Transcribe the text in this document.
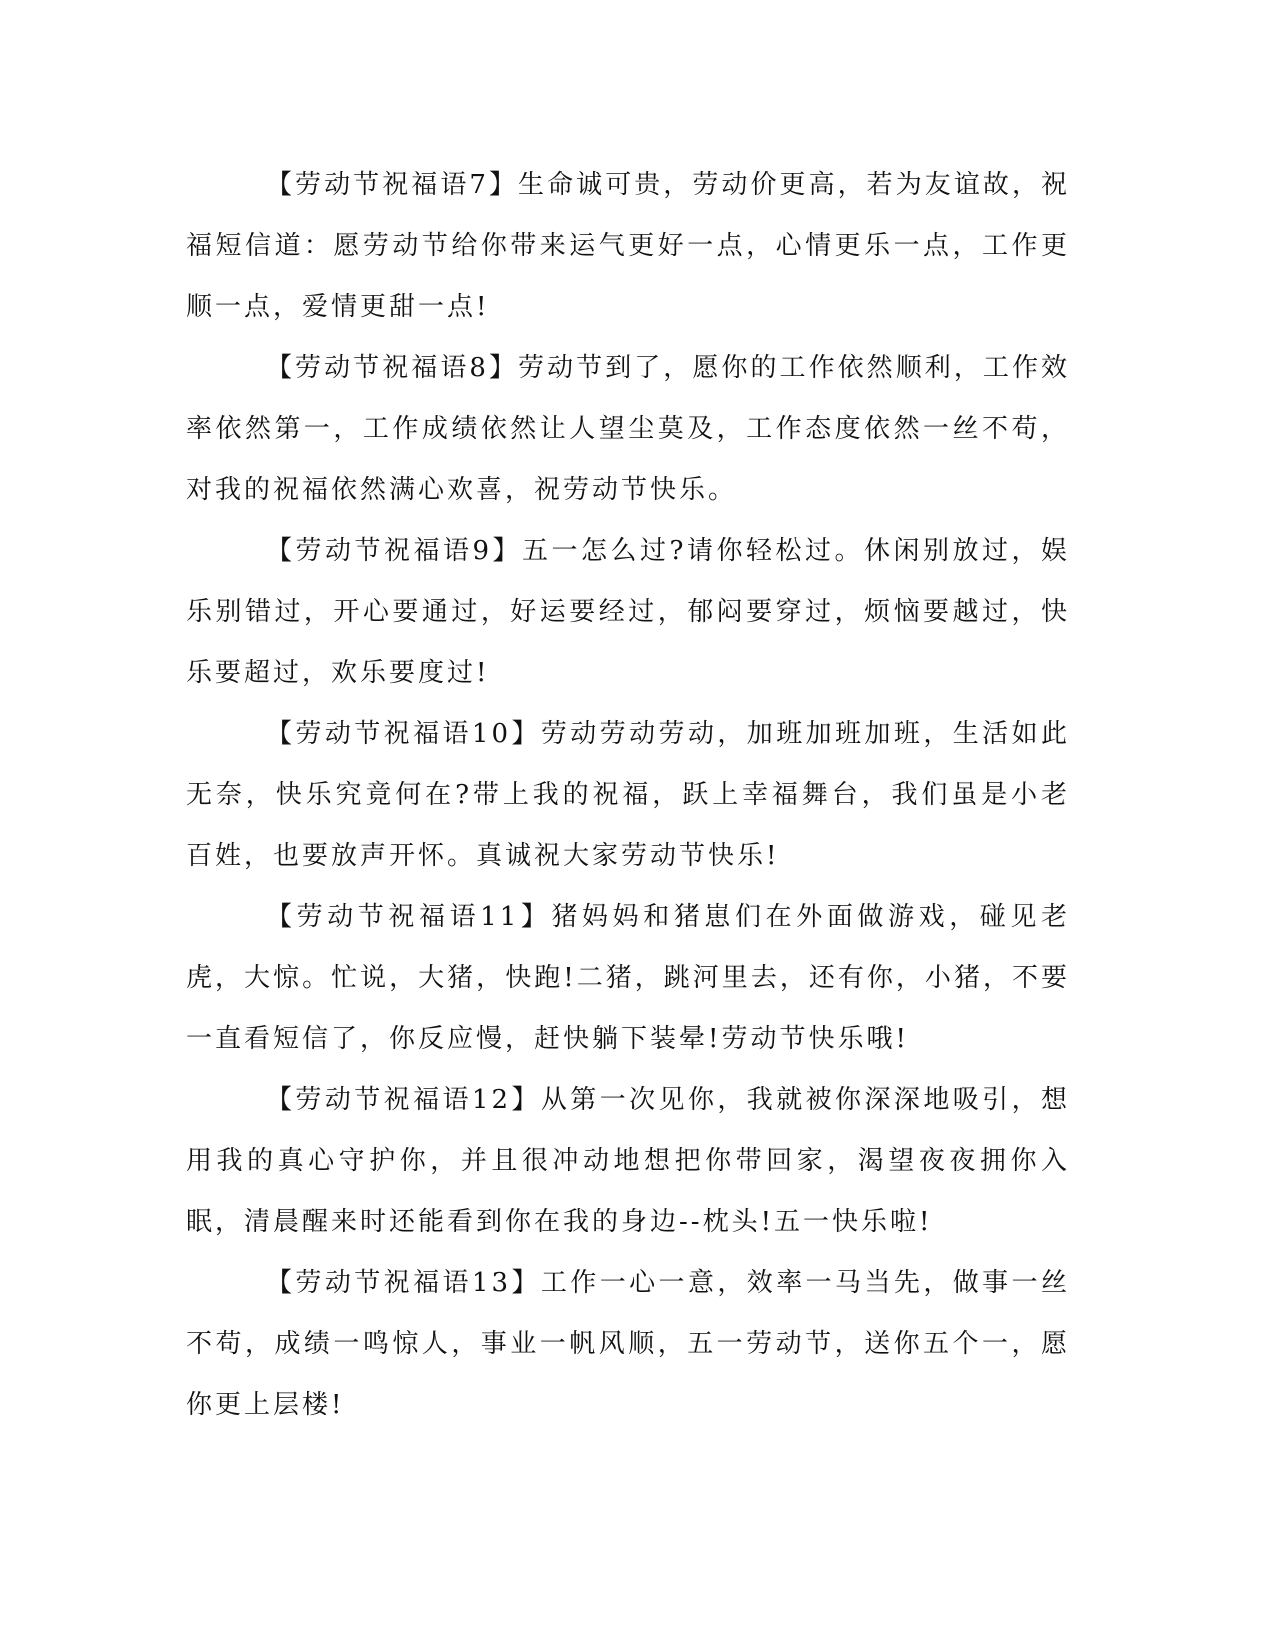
【劳动节祝福语7】生命诚可贵，劳动价更高，若为友谊故，祝福短信道：愿劳动节给你带来运气更好一点，心情更乐一点，工作更顺一点，爱情更甜一点!

【劳动节祝福语8】劳动节到了，愿你的工作依然顺利，工作效率依然第一，工作成绩依然让人望尘莫及，工作态度依然一丝不苟，对我的祝福依然满心欢喜，祝劳动节快乐。

【劳动节祝福语9】五一怎么过?请你轻松过。休闲别放过，娱乐别错过，开心要通过，好运要经过，郁闷要穿过，烦恼要越过，快乐要超过，欢乐要度过!

【劳动节祝福语10】劳动劳动劳动，加班加班加班，生活如此无奈，快乐究竟何在?带上我的祝福，跃上幸福舞台，我们虽是小老百姓，也要放声开怀。真诚祝大家劳动节快乐!

【劳动节祝福语11】猪妈妈和猪崽们在外面做游戏，碰见老虎，大惊。忙说，大猪，快跑!二猪，跳河里去，还有你，小猪，不要一直看短信了，你反应慢，赶快躺下装晕!劳动节快乐哦!

【劳动节祝福语12】从第一次见你，我就被你深深地吸引，想用我的真心守护你，并且很冲动地想把你带回家，渴望夜夜拥你入眠，清晨醒来时还能看到你在我的身边--枕头!五一快乐啦!

【劳动节祝福语13】工作一心一意，效率一马当先，做事一丝不苟，成绩一鸣惊人，事业一帆风顺，五一劳动节，送你五个一，愿你更上层楼!
